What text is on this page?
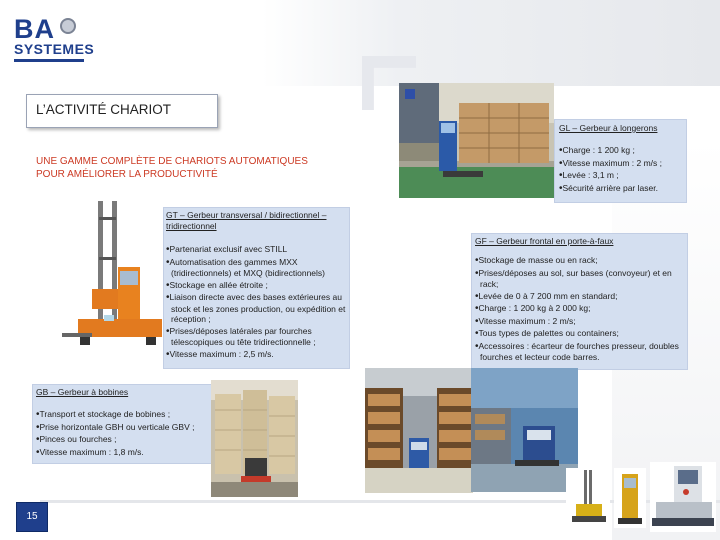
BA
SYSTEMES
L’ACTIVITÉ CHARIOT
UNE GAMME COMPLÈTE DE CHARIOTS AUTOMATIQUES
POUR AMÉLIORER LA PRODUCTIVITÉ
GL – Gerbeur à longerons
•Charge : 1 200 kg ;
•Vitesse maximum : 2 m/s ;
•Levée : 3,1 m ;
•Sécurité arrière par laser.
GT – Gerbeur transversal / bidirectionnel – tridirectionnel
•Partenariat exclusif avec STILL
•Automatisation des gammes MXX (tridirectionnels) et MXQ (bidirectionnels)
•Stockage en allée étroite ;
•Liaison directe avec des bases extérieures au stock et les zones production, ou expédition et réception ;
•Prises/déposes latérales par fourches télescopiques ou tête tridirectionnelle ;
•Vitesse maximum : 2,5 m/s.
GF – Gerbeur frontal en porte-à-faux
•Stockage de masse ou en rack;
•Prises/déposes au sol, sur bases (convoyeur) et en rack;
•Levée de 0 à 7 200 mm en standard;
•Charge : 1 200 kg à 2 000 kg;
•Vitesse maximum : 2 m/s;
•Tous types de palettes ou containers;
•Accessoires : écarteur de fourches presseur, doubles fourches et lecteur code barres.
GB – Gerbeur à bobines
•Transport et stockage de bobines ;
•Prise horizontale GBH ou verticale GBV ;
•Pinces ou fourches ;
•Vitesse maximum : 1,8 m/s.
15
